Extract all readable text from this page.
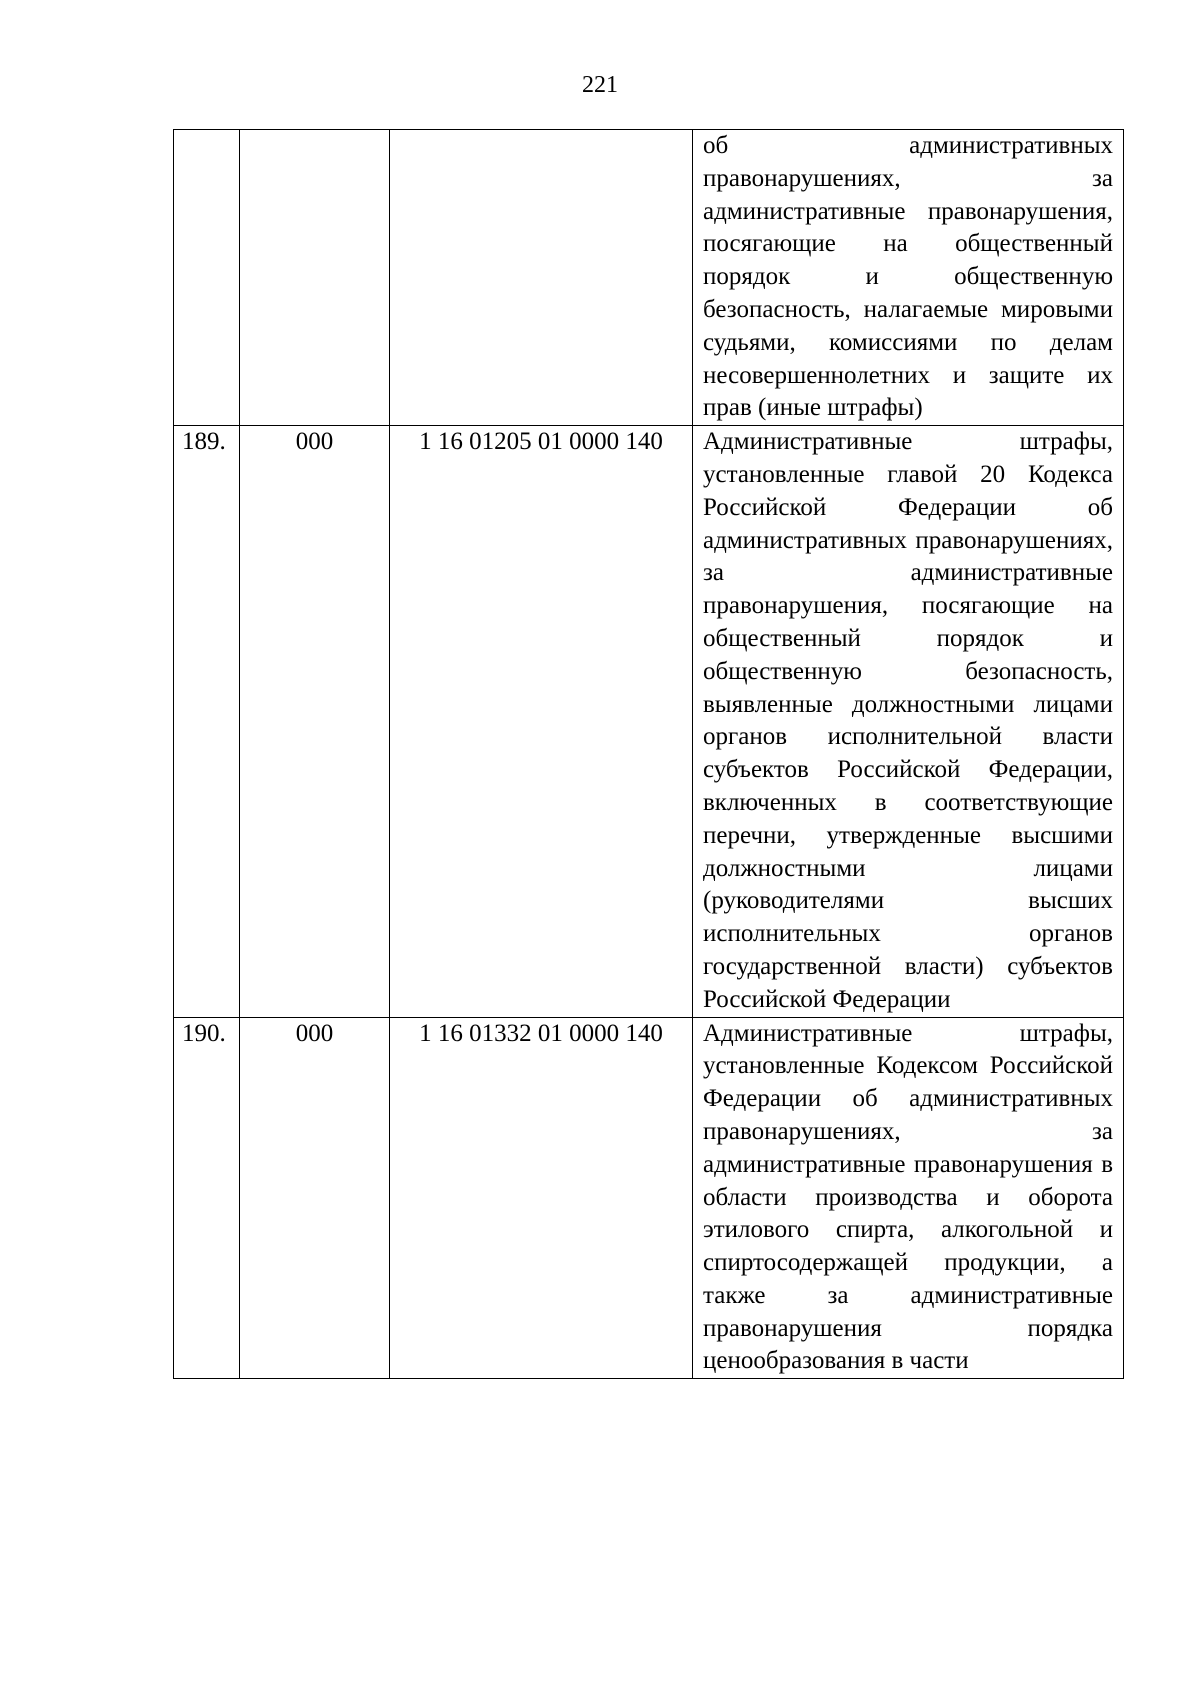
221

			об административных правонарушениях, за административные правонарушения, посягающие на общественный порядок и общественную безопасность, налагаемые мировыми судьями, комиссиями по делам несовершеннолетних и защите их прав (иные штрафы)

189.	000	1 16 01205 01 0000 140	Административные штрафы, установленные главой 20 Кодекса Российской Федерации об административных правонарушениях, за административные правонарушения, посягающие на общественный порядок и общественную безопасность, выявленные должностными лицами органов исполнительной власти субъектов Российской Федерации, включенных в соответствующие перечни, утвержденные высшими должностными лицами (руководителями высших исполнительных органов государственной власти) субъектов Российской Федерации

190.	000	1 16 01332 01 0000 140	Административные штрафы, установленные Кодексом Российской Федерации об административных правонарушениях, за административные правонарушения в области производства и оборота этилового спирта, алкогольной и спиртосодержащей продукции, а также за административные правонарушения порядка ценообразования в части
